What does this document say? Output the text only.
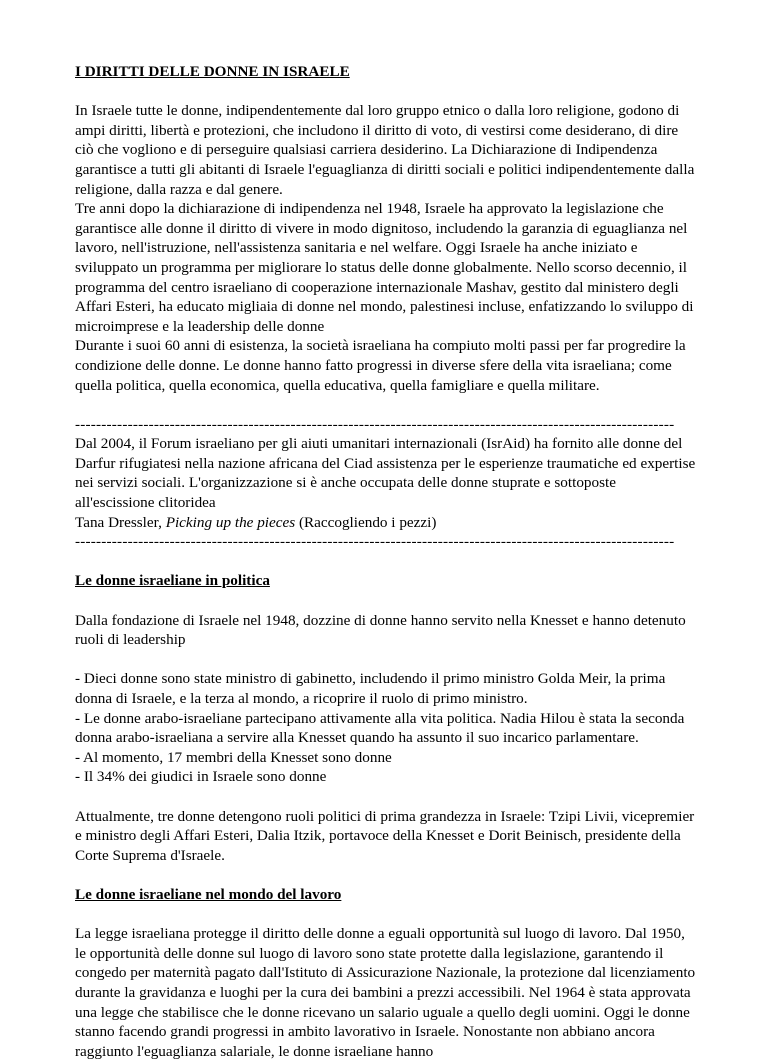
I DIRITTI DELLE DONNE IN ISRAELE

In Israele tutte le donne, indipendentemente dal loro gruppo etnico o dalla loro religione, godono di ampi diritti, libertà e protezioni, che includono il diritto di voto, di vestirsi come desiderano, di dire ciò che vogliono e di perseguire qualsiasi carriera desiderino. La Dichiarazione di Indipendenza garantisce a tutti gli abitanti di Israele l'eguaglianza di diritti sociali e politici indipendentemente dalla religione, dalla razza e dal genere.

Tre anni dopo la dichiarazione di indipendenza nel 1948, Israele ha approvato la legislazione che garantisce alle donne il diritto di vivere in modo dignitoso, includendo la garanzia di eguaglianza nel lavoro, nell'istruzione, nell'assistenza sanitaria e nel welfare. Oggi Israele ha anche iniziato e sviluppato un programma per migliorare lo status delle donne globalmente. Nello scorso decennio, il programma del centro israeliano di cooperazione internazionale Mashav, gestito dal ministero degli Affari Esteri, ha educato migliaia di donne nel mondo, palestinesi incluse, enfatizzando lo sviluppo di microimprese e la leadership delle donne

Durante i suoi 60 anni di esistenza, la società israeliana ha compiuto molti passi per far progredire la condizione delle donne. Le donne hanno fatto progressi in diverse sfere della vita israeliana; come quella politica, quella economica, quella educativa, quella famigliare e quella militare.

------------------------------------------------------------------------------------------------------------------

Dal 2004, il Forum israeliano per gli aiuti umanitari internazionali (IsrAid) ha fornito alle donne del Darfur rifugiatesi nella nazione africana del Ciad assistenza per le esperienze traumatiche ed expertise nei servizi sociali. L'organizzazione si è anche occupata delle donne stuprate e sottoposte all'escissione clitoridea

Tana Dressler, Picking up the pieces (Raccogliendo i pezzi)

------------------------------------------------------------------------------------------------------------------

Le donne israeliane in politica

Dalla fondazione di Israele nel 1948, dozzine di donne hanno servito nella Knesset e hanno detenuto ruoli di leadership

- Dieci donne sono state ministro di gabinetto, includendo il primo ministro Golda Meir, la prima donna di Israele, e la terza al mondo, a ricoprire il ruolo di primo ministro.

- Le donne arabo-israeliane partecipano attivamente alla vita politica. Nadia Hilou è stata la seconda donna arabo-israeliana a servire alla Knesset quando ha assunto il suo incarico parlamentare.

- Al momento, 17 membri della Knesset sono donne

- Il 34% dei giudici in Israele sono donne

Attualmente, tre donne detengono ruoli politici di prima grandezza in Israele: Tzipi Livii, vicepremier e ministro degli Affari Esteri, Dalia Itzik, portavoce della Knesset e Dorit Beinisch, presidente della Corte Suprema d'Israele.

Le donne israeliane nel mondo del lavoro

La legge israeliana protegge il diritto delle donne a eguali opportunità sul luogo di lavoro. Dal 1950, le opportunità delle donne sul luogo di lavoro sono state protette dalla legislazione, garantendo il congedo per maternità pagato dall'Istituto di Assicurazione Nazionale, la protezione dal licenziamento durante la gravidanza e luoghi per la cura dei bambini a prezzi accessibili. Nel 1964 è stata approvata una legge che stabilisce che le donne ricevano un salario uguale a quello degli uomini. Oggi le donne stanno facendo grandi progressi in ambito lavorativo in Israele. Nonostante non abbiano ancora raggiunto l'eguaglianza salariale, le donne israeliane hanno
